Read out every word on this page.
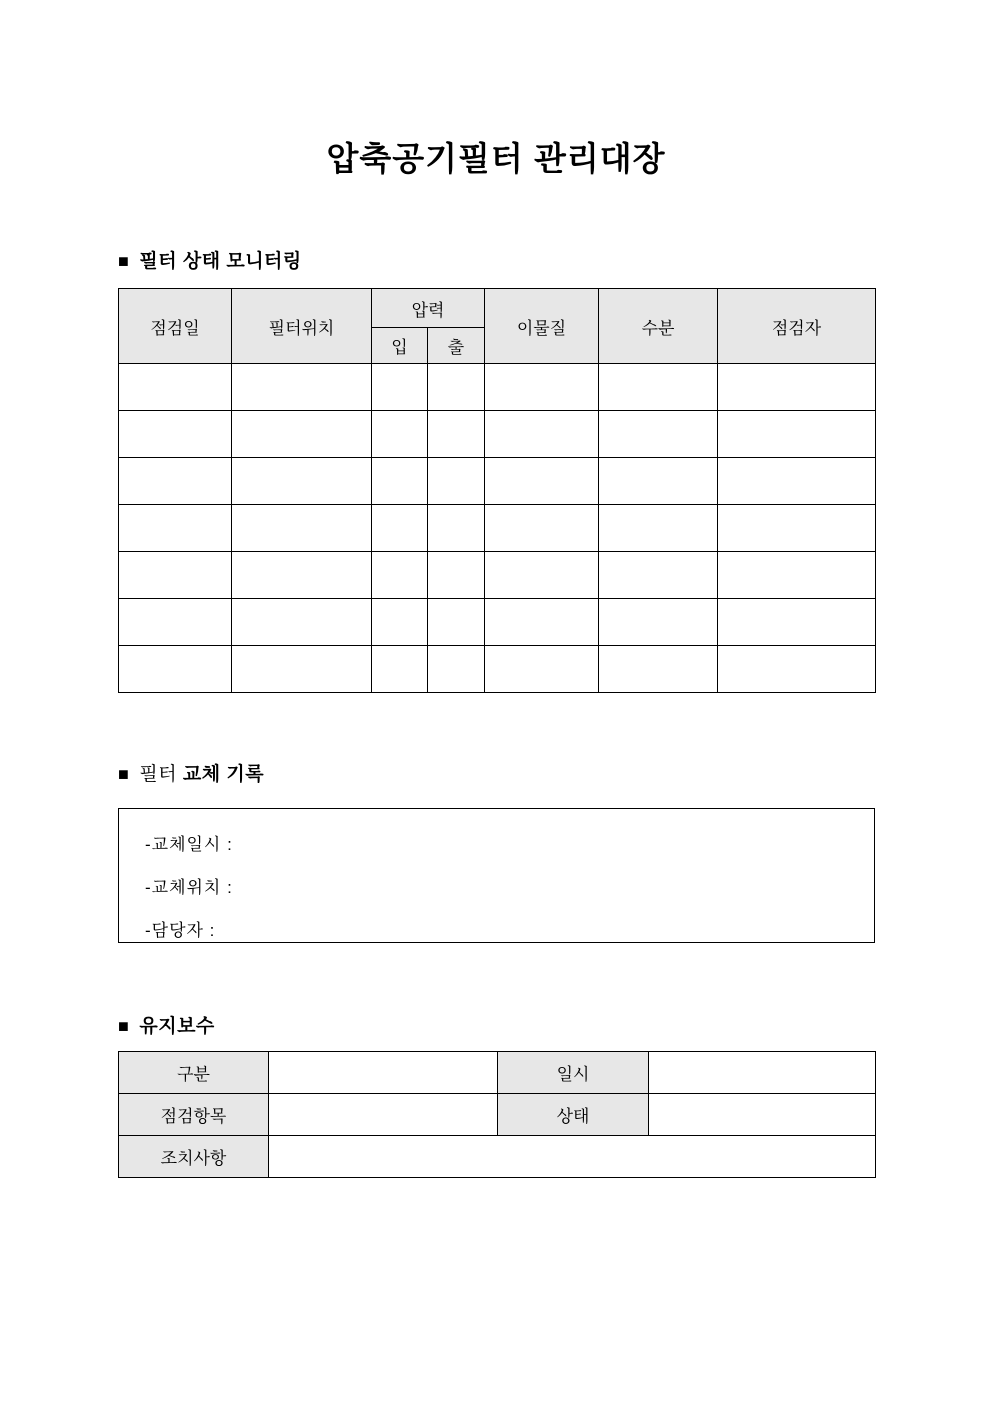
압축공기필터 관리대장
■ 필터 상태 모니터링
점검일	필터위치	압력		이물질	수분	점검자
		입	출			

■ 필터 교체 기록
-교체일시 :
-교체위치 :
-담당자 :
■ 유지보수
구분		일시	
점검항목		상태	
조치사항			
